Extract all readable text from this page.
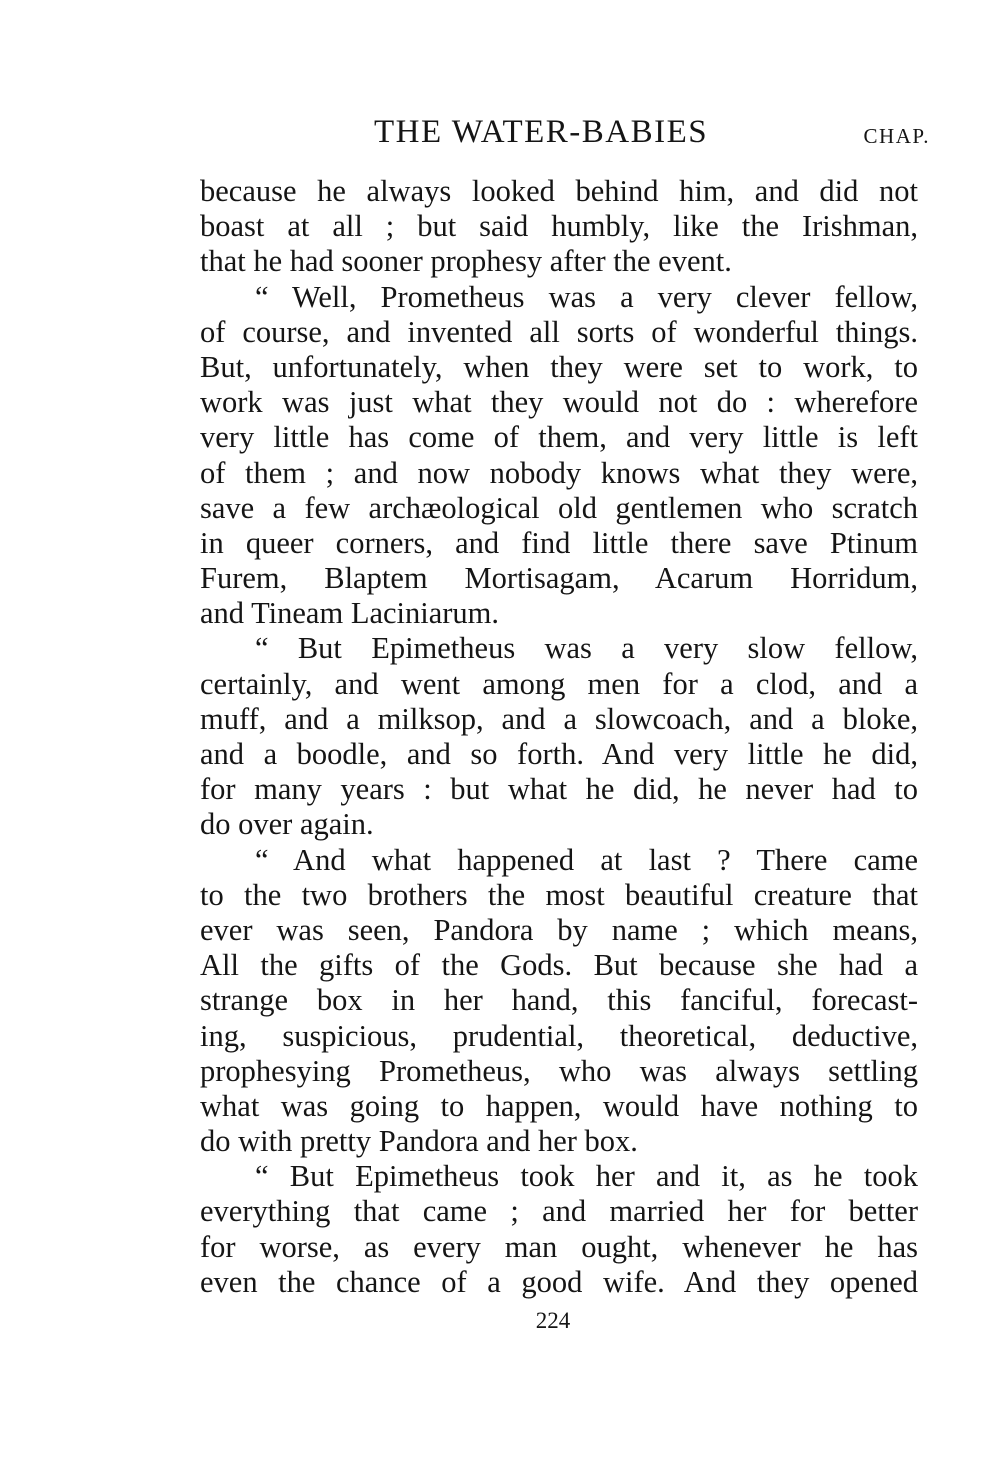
THE WATER-BABIES	CHAP.
because he always looked behind him, and did not
boast at all ; but said humbly, like the Irishman,
that he had sooner prophesy after the event.
“ Well, Prometheus was a very clever fellow,
of course, and invented all sorts of wonderful things.
But, unfortunately, when they were set to work, to
work was just what they would not do : wherefore
very little has come of them, and very little is left
of them ; and now nobody knows what they were,
save a few archæological old gentlemen who scratch
in queer corners, and find little there save Ptinum
Furem, Blaptem Mortisagam, Acarum Horridum,
and Tineam Laciniarum.
“ But Epimetheus was a very slow fellow,
certainly, and went among men for a clod, and a
muff, and a milksop, and a slowcoach, and a bloke,
and a boodle, and so forth. And very little he did,
for many years : but what he did, he never had to
do over again.
“ And what happened at last ? There came
to the two brothers the most beautiful creature that
ever was seen, Pandora by name ; which means,
All the gifts of the Gods. But because she had a
strange box in her hand, this fanciful, forecast-
ing, suspicious, prudential, theoretical, deductive,
prophesying Prometheus, who was always settling
what was going to happen, would have nothing to
do with pretty Pandora and her box.
“ But Epimetheus took her and it, as he took
everything that came ; and married her for better
for worse, as every man ought, whenever he has
even the chance of a good wife. And they opened
224
